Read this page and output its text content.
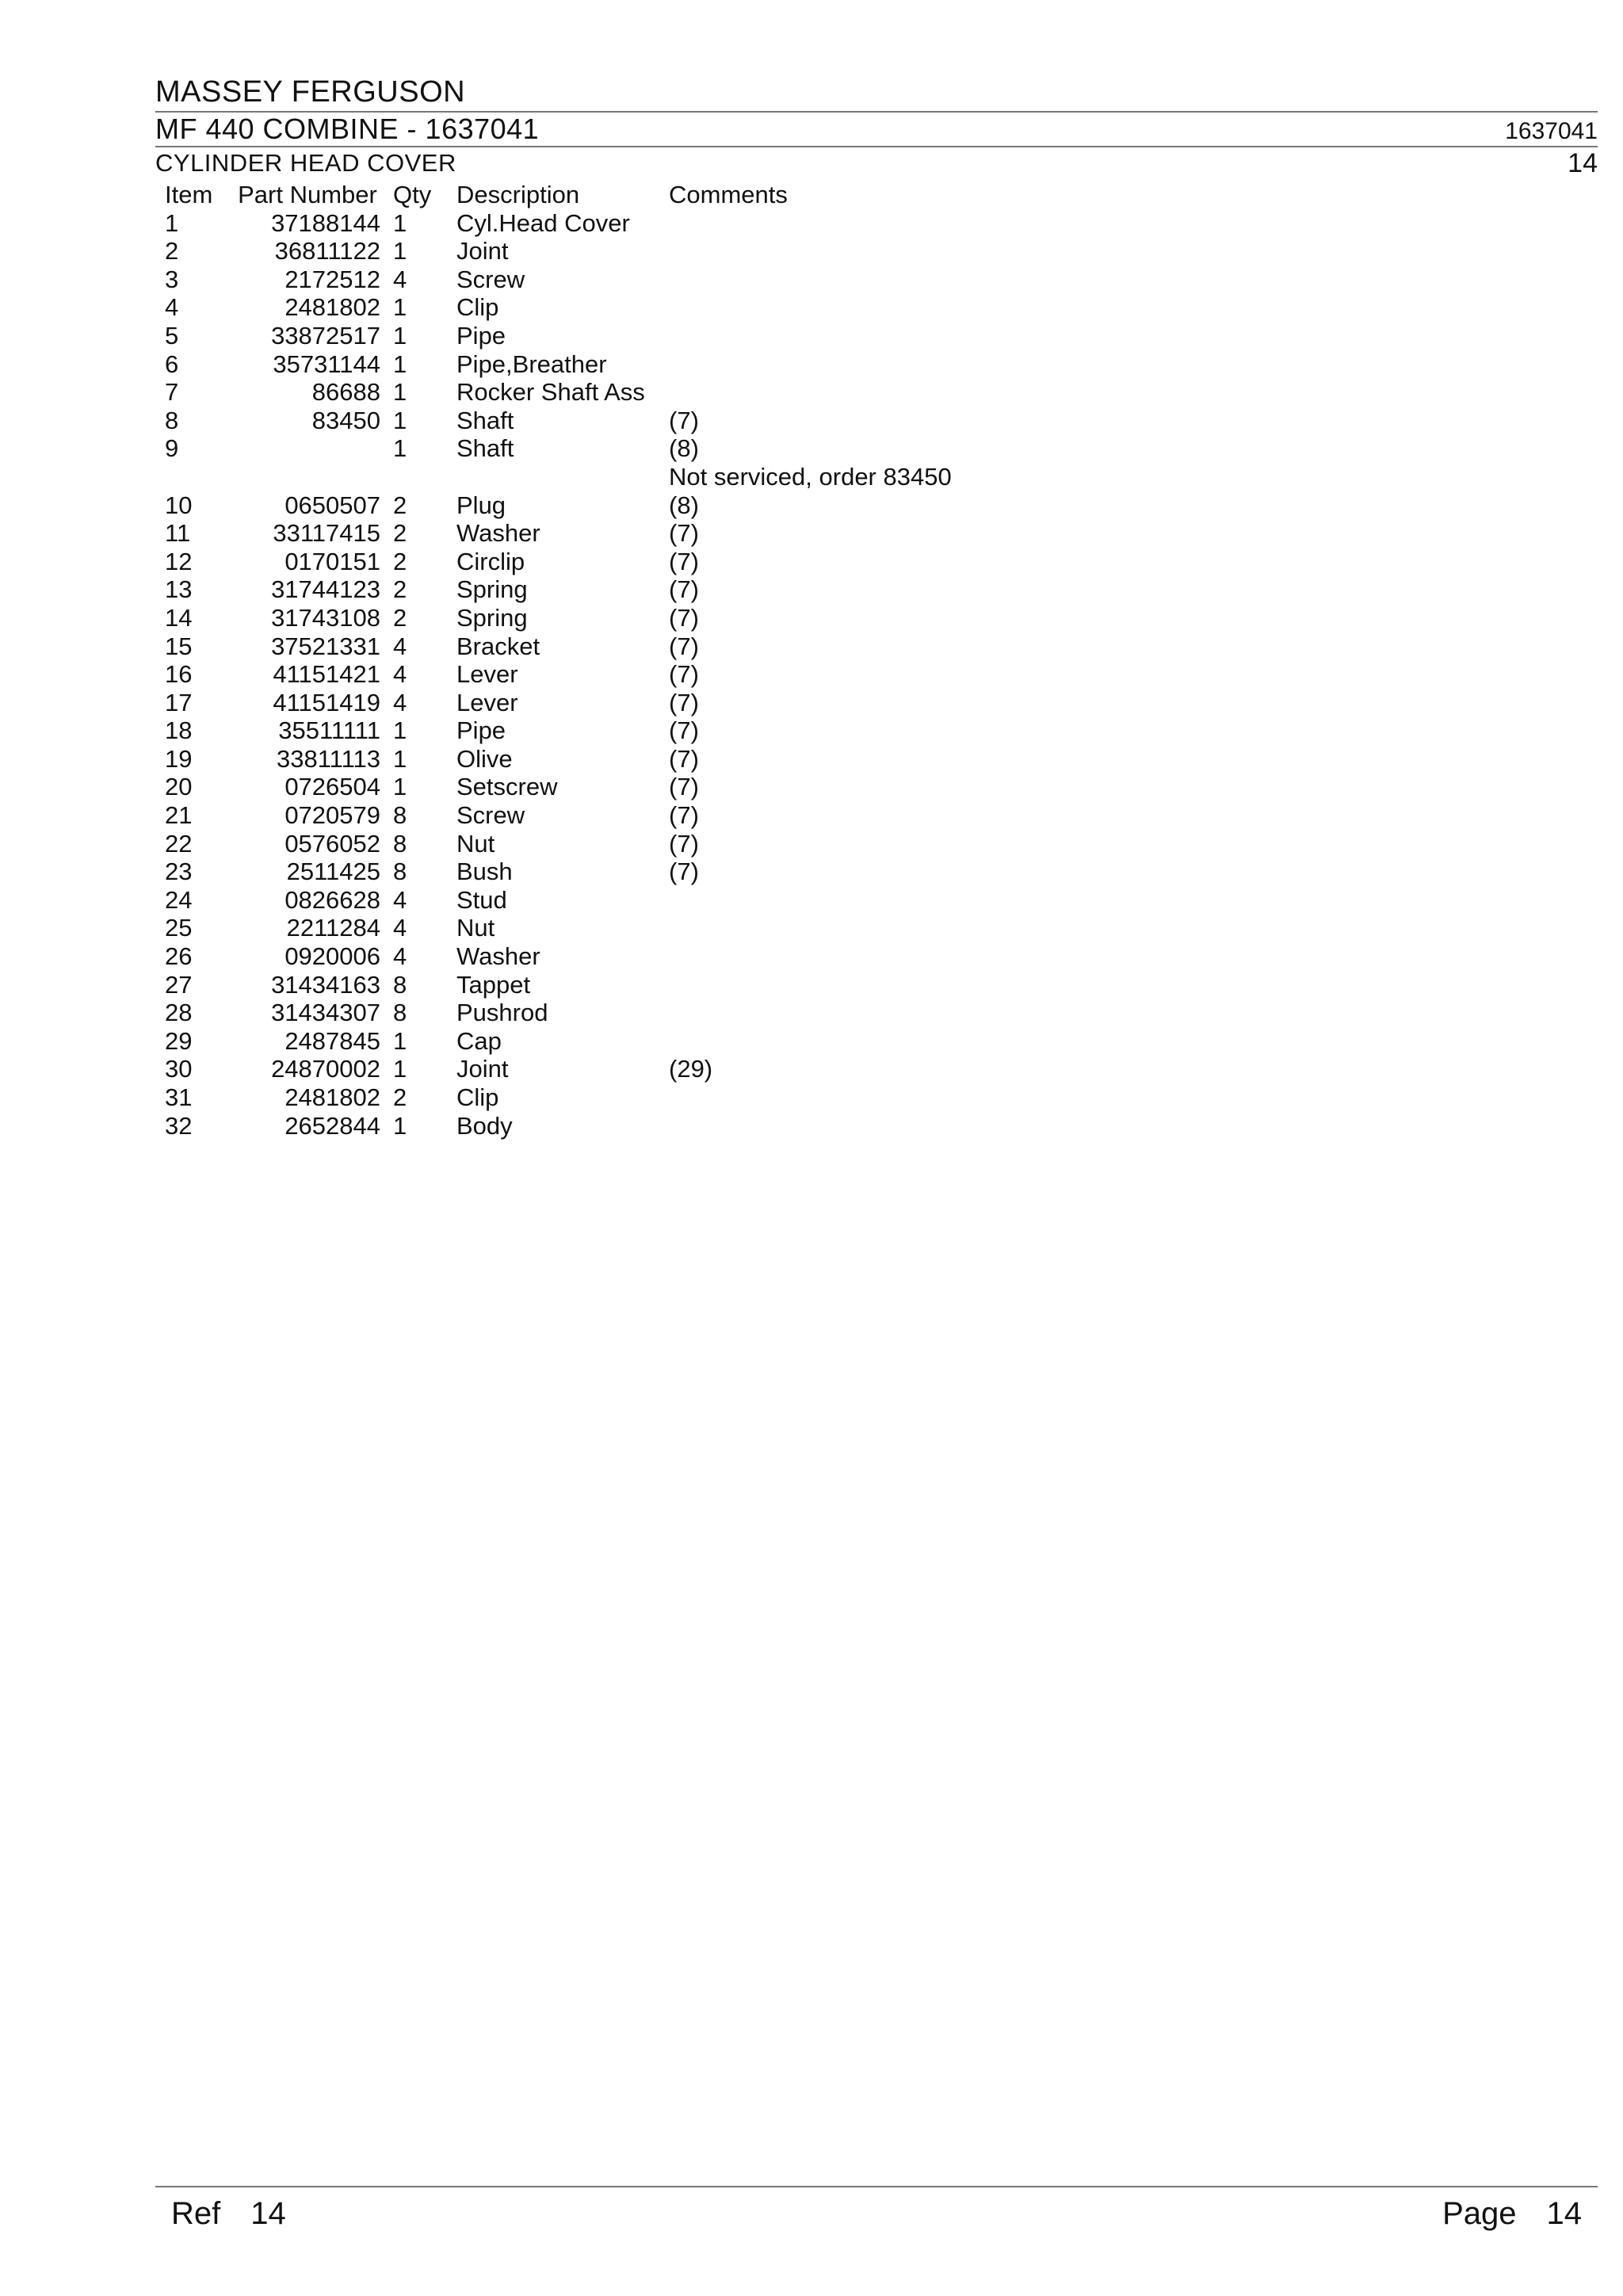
MASSEY FERGUSON
MF 440 COMBINE - 1637041	1637041
CYLINDER HEAD COVER	14
Item	Part Number	Qty	Description	Comments
1	37188144	1	Cyl.Head Cover	
2	36811122	1	Joint	
3	2172512	4	Screw	
4	2481802	1	Clip	
5	33872517	1	Pipe	
6	35731144	1	Pipe,Breather	
7	86688	1	Rocker Shaft Ass	
8	83450	1	Shaft	(7)
9		1	Shaft	(8)
				Not serviced, order 83450
10	0650507	2	Plug	(8)
11	33117415	2	Washer	(7)
12	0170151	2	Circlip	(7)
13	31744123	2	Spring	(7)
14	31743108	2	Spring	(7)
15	37521331	4	Bracket	(7)
16	41151421	4	Lever	(7)
17	41151419	4	Lever	(7)
18	35511111	1	Pipe	(7)
19	33811113	1	Olive	(7)
20	0726504	1	Setscrew	(7)
21	0720579	8	Screw	(7)
22	0576052	8	Nut	(7)
23	2511425	8	Bush	(7)
24	0826628	4	Stud	
25	2211284	4	Nut	
26	0920006	4	Washer	
27	31434163	8	Tappet	
28	31434307	8	Pushrod	
29	2487845	1	Cap	
30	24870002	1	Joint	(29)
31	2481802	2	Clip	
32	2652844	1	Body	
Ref 14	Page 14
